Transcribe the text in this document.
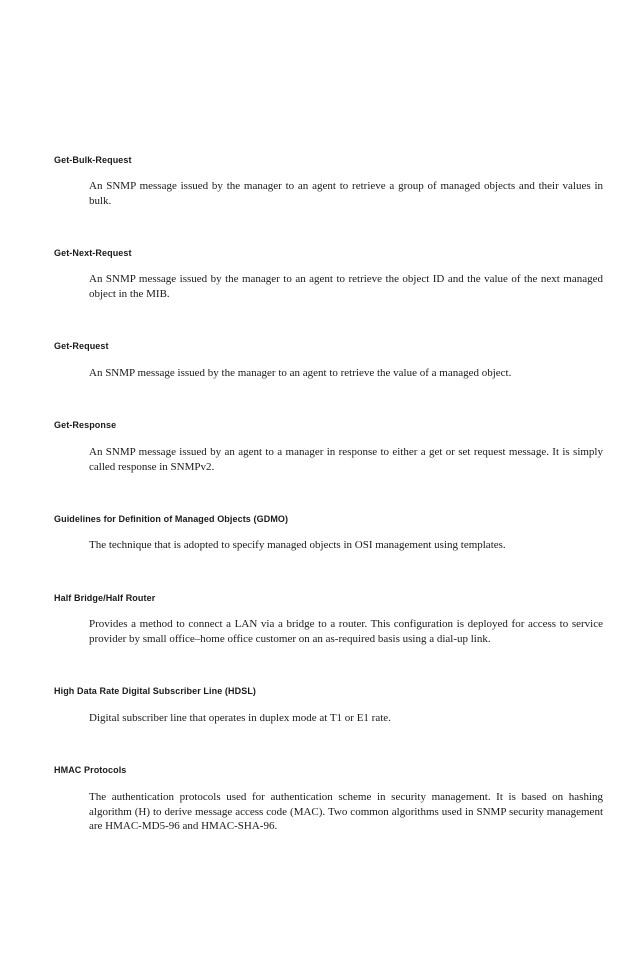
Get-Bulk-Request

An SNMP message issued by the manager to an agent to retrieve a group of managed objects and their values in bulk.

Get-Next-Request

An SNMP message issued by the manager to an agent to retrieve the object ID and the value of the next managed object in the MIB.

Get-Request

An SNMP message issued by the manager to an agent to retrieve the value of a managed object.

Get-Response

An SNMP message issued by an agent to a manager in response to either a get or set request message. It is simply called response in SNMPv2.

Guidelines for Definition of Managed Objects (GDMO)

The technique that is adopted to specify managed objects in OSI management using templates.

Half Bridge/Half Router

Provides a method to connect a LAN via a bridge to a router. This configuration is deployed for access to service provider by small office–home office customer on an as-required basis using a dial-up link.

High Data Rate Digital Subscriber Line (HDSL)

Digital subscriber line that operates in duplex mode at T1 or E1 rate.

HMAC Protocols

The authentication protocols used for authentication scheme in security management. It is based on hashing algorithm (H) to derive message access code (MAC). Two common algorithms used in SNMP security management are HMAC-MD5-96 and HMAC-SHA-96.
